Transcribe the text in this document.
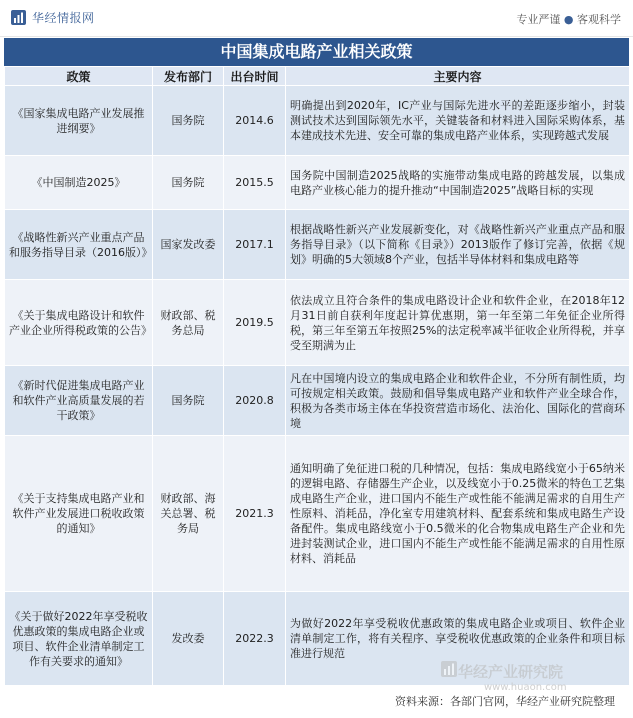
华经情报网	专业严谨 ● 客观科学
中国集成电路产业相关政策
政策	发布部门	出台时间	主要内容
《国家集成电路产业发展推进纲要》	国务院	2014.6	明确提出到2020年，IC产业与国际先进水平的差距逐步缩小，封装测试技术达到国际领先水平，关键装备和材料进入国际采购体系，基本建成技术先进、安全可靠的集成电路产业体系，实现跨越式发展
《中国制造2025》	国务院	2015.5	国务院中国制造2025战略的实施带动集成电路的跨越发展，以集成电路产业核心能力的提升推动“中国制造2025”战略目标的实现
《战略性新兴产业重点产品和服务指导目录（2016版）》	国家发改委	2017.1	根据战略性新兴产业发展新变化，对《战略性新兴产业重点产品和服务指导目录》（以下简称《目录》）2013版作了修订完善，依据《规划》明确的5大领域8个产业，包括半导体材料和集成电路等
《关于集成电路设计和软件产业企业所得税政策的公告》	财政部、税务总局	2019.5	依法成立且符合条件的集成电路设计企业和软件企业，在2018年12月31日前自获利年度起计算优惠期，第一年至第二年免征企业所得税，第三年至第五年按照25%的法定税率减半征收企业所得税，并享受至期满为止
《新时代促进集成电路产业和软件产业高质量发展的若干政策》	国务院	2020.8	凡在中国境内设立的集成电路企业和软件企业，不分所有制性质，均可按规定相关政策。鼓励和倡导集成电路产业和软件产业全球合作，积极为各类市场主体在华投资营造市场化、法治化、国际化的营商环境
《关于支持集成电路产业和软件产业发展进口税收政策的通知》	财政部、海关总署、税务局	2021.3	通知明确了免征进口税的几种情况，包括：集成电路线宽小于65纳米的逻辑电路、存储器生产企业，以及线宽小于0.25微米的特色工艺集成电路生产企业，进口国内不能生产或性能不能满足需求的自用生产性原料、消耗品，净化室专用建筑材料、配套系统和集成电路生产设备配件。集成电路线宽小于0.5微米的化合物集成电路生产企业和先进封装测试企业，进口国内不能生产或性能不能满足需求的自用性原材料、消耗品
《关于做好2022年享受税收优惠政策的集成电路企业或项目、软件企业清单制定工作有关要求的通知》	发改委	2022.3	为做好2022年享受税收优惠政策的集成电路企业或项目、软件企业清单制定工作，将有关程序、享受税收优惠政策的企业条件和项目标准进行规范
资料来源：各部门官网，华经产业研究院整理
华经产业研究院
www.huaon.com
